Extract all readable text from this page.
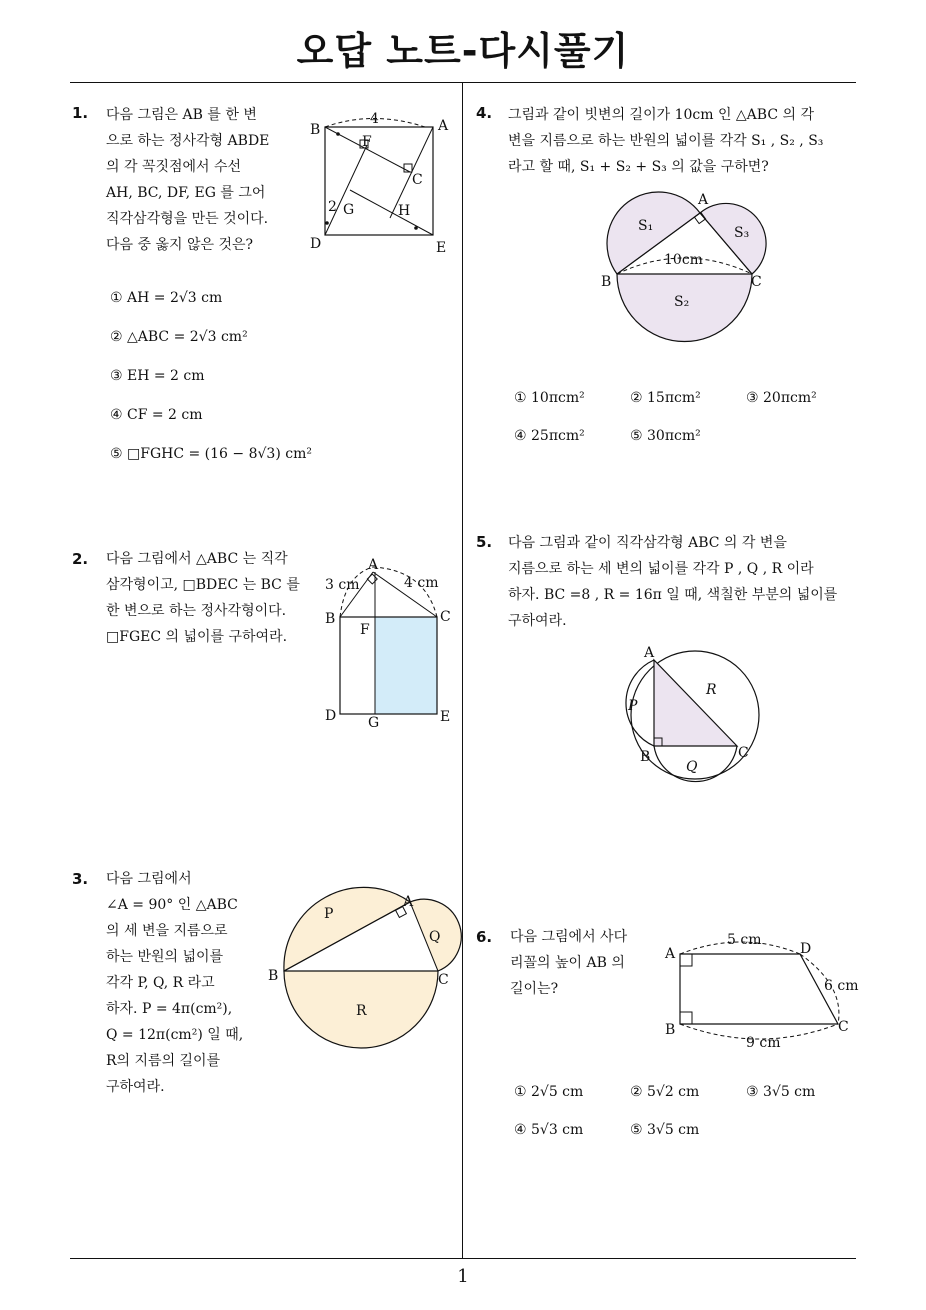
오답 노트-다시풀기
1
1. 다음 그림은 AB 를 한 변
으로 하는 정사각형 ABDE
의 각 꼭짓점에서 수선
AH, BC, DF, EG 를 그어
직각삼각형을 만든 것이다.
다음 중 옳지 않은 것은?
4
B	A
F
C
G	H
2
D	E
① AH = 2√3 cm
② △ABC = 2√3 cm²
③ EH = 2 cm
④ CF = 2 cm
⑤ □FGHC = (16 − 8√3) cm²
2. 다음 그림에서 △ABC 는 직각
삼각형이고, □BDEC 는 BC 를
한 변으로 하는 정사각형이다.
□FGEC 의 넓이를 구하여라.
A
B	C
F
D G	E
3 cm	4 cm
3. 다음 그림에서
∠A = 90° 인 △ABC
의 세 변을 지름으로
하는 반원의 넓이를
각각 P, Q, R 라고
하자. P = 4π(cm²),
Q = 12π(cm²) 일 때,
R의 지름의 길이를
구하여라.
A
B	C
P
Q
R
4. 그림과 같이 빗변의 길이가 10cm 인 △ABC 의 각
변을 지름으로 하는 반원의 넓이를 각각 S₁ , S₂ , S₃
라고 할 때, S₁ + S₂ + S₃ 의 값을 구하면?
A
B	C
S₁	S₃
S₂
10cm
① 10πcm²	② 15πcm²	③ 20πcm²
④ 25πcm²	⑤ 30πcm²
5. 다음 그림과 같이 직각삼각형 ABC 의 각 변을
지름으로 하는 세 변의 넓이를 각각 P , Q , R 이라
하자. BC =8 , R = 16π 일 때, 색칠한 부분의 넓이를
구하여라.
A
B	C
P
R
Q
6. 다음 그림에서 사다
리꼴의 높이 AB 의
길이는?
A	D
B	C
5 cm
6 cm
9 cm
① 2√5 cm	② 5√2 cm	③ 3√5 cm
④ 5√3 cm	⑤ 3√5 cm
